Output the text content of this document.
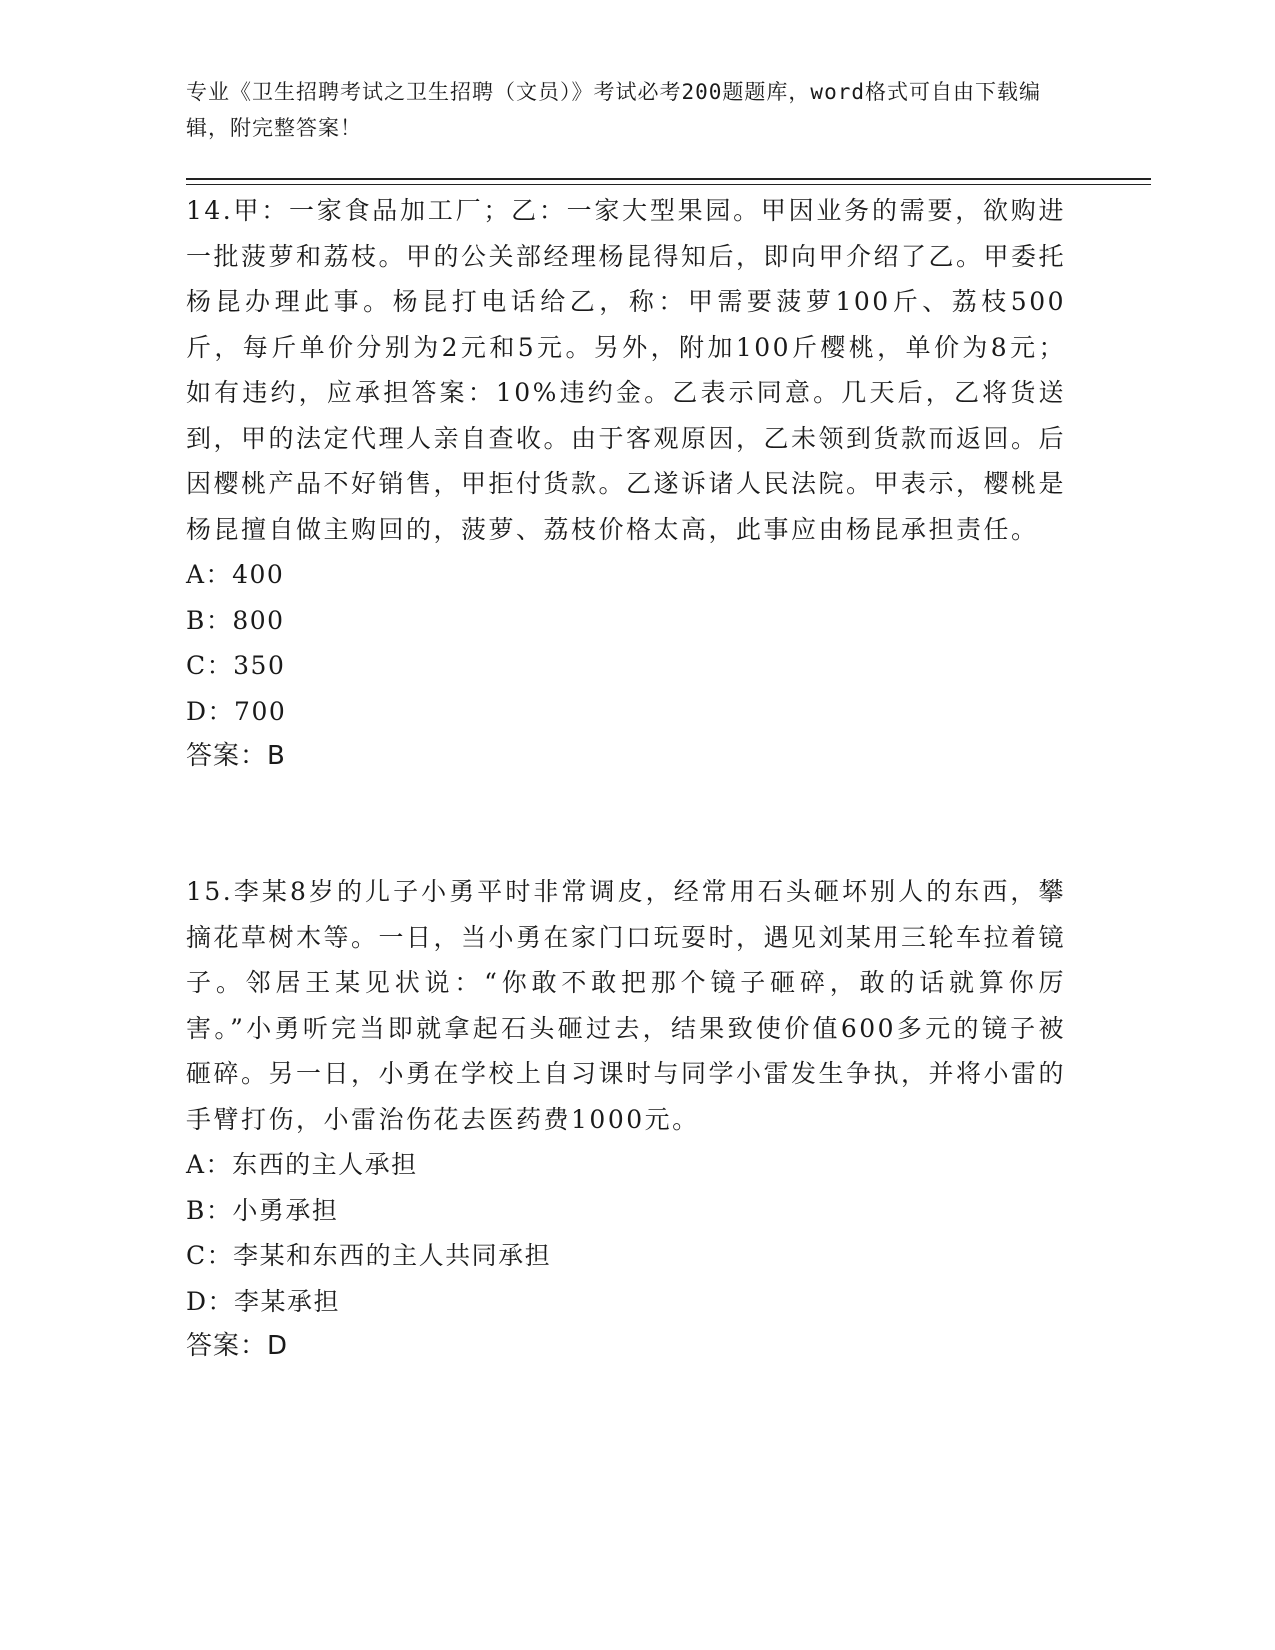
专业《卫生招聘考试之卫生招聘（文员）》考试必考200题题库，word格式可自由下载编辑，附完整答案！

14.甲：一家食品加工厂；乙：一家大型果园。甲因业务的需要，欲购进一批菠萝和荔枝。甲的公关部经理杨昆得知后，即向甲介绍了乙。甲委托杨昆办理此事。杨昆打电话给乙，称：甲需要菠萝100斤、荔枝500斤，每斤单价分别为2元和5元。另外，附加100斤樱桃，单价为8元；如有违约，应承担答案：10%违约金。乙表示同意。几天后，乙将货送到，甲的法定代理人亲自查收。由于客观原因，乙未领到货款而返回。后因樱桃产品不好销售，甲拒付货款。乙遂诉诸人民法院。甲表示，樱桃是杨昆擅自做主购回的，菠萝、荔枝价格太高，此事应由杨昆承担责任。

A：400
B：800
C：350
D：700
答案：B

15.李某8岁的儿子小勇平时非常调皮，经常用石头砸坏别人的东西，攀摘花草树木等。一日，当小勇在家门口玩耍时，遇见刘某用三轮车拉着镜子。邻居王某见状说：“你敢不敢把那个镜子砸碎，敢的话就算你厉害。”小勇听完当即就拿起石头砸过去，结果致使价值600多元的镜子被砸碎。另一日，小勇在学校上自习课时与同学小雷发生争执，并将小雷的手臂打伤，小雷治伤花去医药费1000元。

A：东西的主人承担
B：小勇承担
C：李某和东西的主人共同承担
D：李某承担
答案：D
